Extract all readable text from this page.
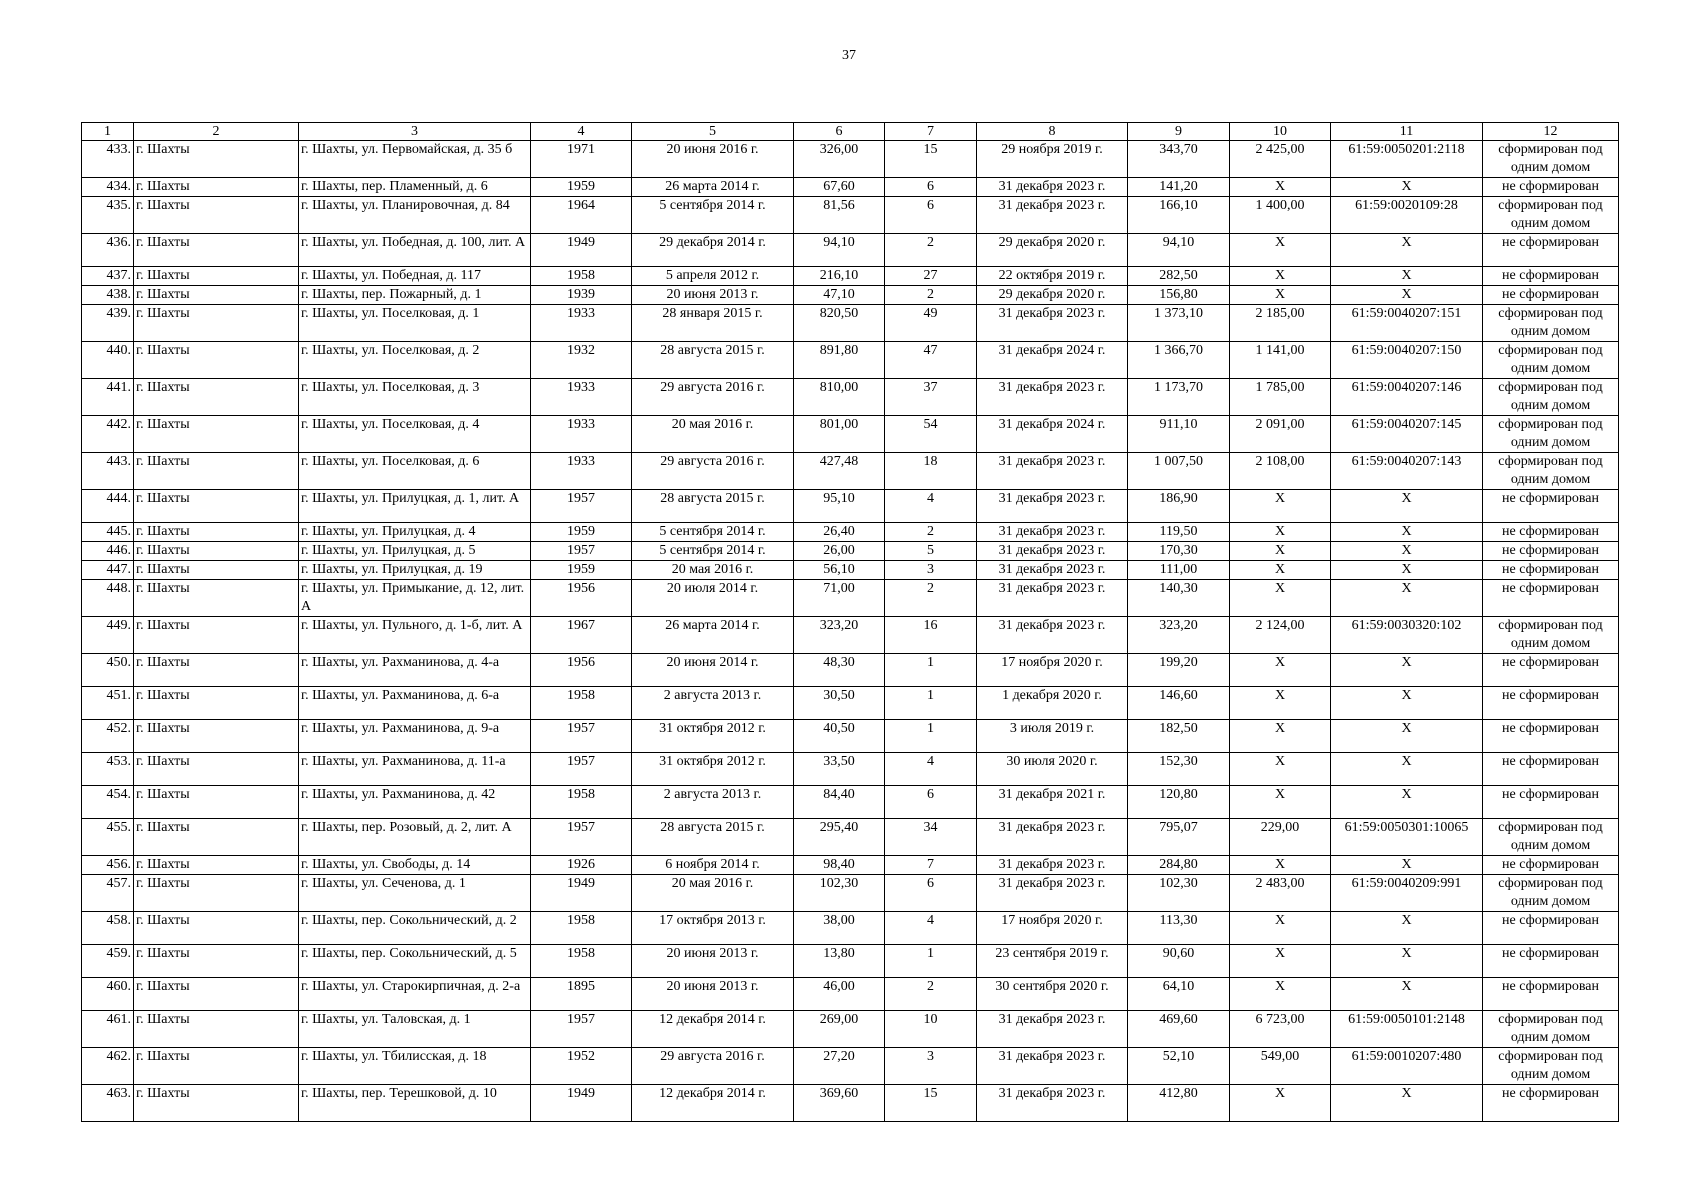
37
1	2	3	4	5	6	7	8	9	10	11	12
433.	г. Шахты	г. Шахты, ул. Первомайская, д. 35 б	1971	20 июня 2016 г.	326,00	15	29 ноября 2019 г.	343,70	2 425,00	61:59:0050201:2118	сформирован под одним домом
434.	г. Шахты	г. Шахты, пер. Пламенный, д. 6	1959	26 марта 2014 г.	67,60	6	31 декабря 2023 г.	141,20	X	X	не сформирован
435.	г. Шахты	г. Шахты, ул. Планировочная, д. 84	1964	5 сентября 2014 г.	81,56	6	31 декабря 2023 г.	166,10	1 400,00	61:59:0020109:28	сформирован под одним домом
436.	г. Шахты	г. Шахты, ул. Победная, д. 100, лит. А	1949	29 декабря 2014 г.	94,10	2	29 декабря 2020 г.	94,10	X	X	не сформирован
437.	г. Шахты	г. Шахты, ул. Победная, д. 117	1958	5 апреля 2012 г.	216,10	27	22 октября 2019 г.	282,50	X	X	не сформирован
438.	г. Шахты	г. Шахты, пер. Пожарный, д. 1	1939	20 июня 2013 г.	47,10	2	29 декабря 2020 г.	156,80	X	X	не сформирован
439.	г. Шахты	г. Шахты, ул. Поселковая, д. 1	1933	28 января 2015 г.	820,50	49	31 декабря 2023 г.	1 373,10	2 185,00	61:59:0040207:151	сформирован под одним домом
440.	г. Шахты	г. Шахты, ул. Поселковая, д. 2	1932	28 августа 2015 г.	891,80	47	31 декабря 2024 г.	1 366,70	1 141,00	61:59:0040207:150	сформирован под одним домом
441.	г. Шахты	г. Шахты, ул. Поселковая, д. 3	1933	29 августа 2016 г.	810,00	37	31 декабря 2023 г.	1 173,70	1 785,00	61:59:0040207:146	сформирован под одним домом
442.	г. Шахты	г. Шахты, ул. Поселковая, д. 4	1933	20 мая 2016 г.	801,00	54	31 декабря 2024 г.	911,10	2 091,00	61:59:0040207:145	сформирован под одним домом
443.	г. Шахты	г. Шахты, ул. Поселковая, д. 6	1933	29 августа 2016 г.	427,48	18	31 декабря 2023 г.	1 007,50	2 108,00	61:59:0040207:143	сформирован под одним домом
444.	г. Шахты	г. Шахты, ул. Прилуцкая, д. 1, лит. А	1957	28 августа 2015 г.	95,10	4	31 декабря 2023 г.	186,90	X	X	не сформирован
445.	г. Шахты	г. Шахты, ул. Прилуцкая, д. 4	1959	5 сентября 2014 г.	26,40	2	31 декабря 2023 г.	119,50	X	X	не сформирован
446.	г. Шахты	г. Шахты, ул. Прилуцкая, д. 5	1957	5 сентября 2014 г.	26,00	5	31 декабря 2023 г.	170,30	X	X	не сформирован
447.	г. Шахты	г. Шахты, ул. Прилуцкая, д. 19	1959	20 мая 2016 г.	56,10	3	31 декабря 2023 г.	111,00	X	X	не сформирован
448.	г. Шахты	г. Шахты, ул. Примыкание, д. 12, лит. А	1956	20 июля 2014 г.	71,00	2	31 декабря 2023 г.	140,30	X	X	не сформирован
449.	г. Шахты	г. Шахты, ул. Пульного, д. 1-б, лит. А	1967	26 марта 2014 г.	323,20	16	31 декабря 2023 г.	323,20	2 124,00	61:59:0030320:102	сформирован под одним домом
450.	г. Шахты	г. Шахты, ул. Рахманинова, д. 4-а	1956	20 июня 2014 г.	48,30	1	17 ноября 2020 г.	199,20	X	X	не сформирован
451.	г. Шахты	г. Шахты, ул. Рахманинова, д. 6-а	1958	2 августа 2013 г.	30,50	1	1 декабря 2020 г.	146,60	X	X	не сформирован
452.	г. Шахты	г. Шахты, ул. Рахманинова, д. 9-а	1957	31 октября 2012 г.	40,50	1	3 июля 2019 г.	182,50	X	X	не сформирован
453.	г. Шахты	г. Шахты, ул. Рахманинова, д. 11-а	1957	31 октября 2012 г.	33,50	4	30 июля 2020 г.	152,30	X	X	не сформирован
454.	г. Шахты	г. Шахты, ул. Рахманинова, д. 42	1958	2 августа 2013 г.	84,40	6	31 декабря 2021 г.	120,80	X	X	не сформирован
455.	г. Шахты	г. Шахты, пер. Розовый, д. 2, лит. А	1957	28 августа 2015 г.	295,40	34	31 декабря 2023 г.	795,07	229,00	61:59:0050301:10065	сформирован под одним домом
456.	г. Шахты	г. Шахты, ул. Свободы, д. 14	1926	6 ноября 2014 г.	98,40	7	31 декабря 2023 г.	284,80	X	X	не сформирован
457.	г. Шахты	г. Шахты, ул. Сеченова, д. 1	1949	20 мая 2016 г.	102,30	6	31 декабря 2023 г.	102,30	2 483,00	61:59:0040209:991	сформирован под одним домом
458.	г. Шахты	г. Шахты, пер. Сокольнический, д. 2	1958	17 октября 2013 г.	38,00	4	17 ноября 2020 г.	113,30	X	X	не сформирован
459.	г. Шахты	г. Шахты, пер. Сокольнический, д. 5	1958	20 июня 2013 г.	13,80	1	23 сентября 2019 г.	90,60	X	X	не сформирован
460.	г. Шахты	г. Шахты, ул. Старокирпичная, д. 2-а	1895	20 июня 2013 г.	46,00	2	30 сентября 2020 г.	64,10	X	X	не сформирован
461.	г. Шахты	г. Шахты, ул. Таловская, д. 1	1957	12 декабря 2014 г.	269,00	10	31 декабря 2023 г.	469,60	6 723,00	61:59:0050101:2148	сформирован под одним домом
462.	г. Шахты	г. Шахты, ул. Тбилисская, д. 18	1952	29 августа 2016 г.	27,20	3	31 декабря 2023 г.	52,10	549,00	61:59:0010207:480	сформирован под одним домом
463.	г. Шахты	г. Шахты, пер. Терешковой, д. 10	1949	12 декабря 2014 г.	369,60	15	31 декабря 2023 г.	412,80	X	X	не сформирован
